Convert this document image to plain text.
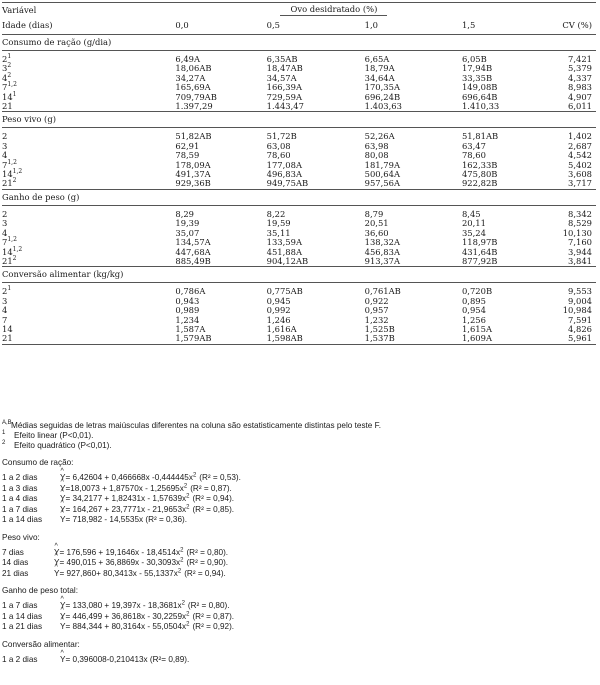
Variável	Ovo desidratado (%)				
Idade (dias)	0,0	0,5	1,0	1,5	CV (%)
Consumo de ração (g/dia)					

$2^1$	6,49A	6,35AB	6,65A	6,05B	7,421
$3^2$	18,06AB	18,47AB	18,79A	17,94B	5,379
$4^2$	34,27A	34,57A	34,64A	33,35B	4,337
7$^{1,2}$	165,69A	166,39A	170,35A	149,08B	8,983
$14^1$	709,79AB	729,59A	696,24B	696,64B	4,907
21	1.397,29	1.443,47	1.403,63	1.410,33	6,011
Peso vivo (g)					

2	51,82AB	51,72B	52,26A	51,81AB	1,402
3	62,91	63,08	63,98	63,47	2,687
4	78,59	78,60	80,08	78,60	4,542
7$^{1,2}$	178,09A	177,08A	181,79A	162,33B	5,402
14$^{1,2}$	491,37A	496,83A	500,64A	475,80B	3,608
$21^2$	929,36B	949,75AB	957,56A	922,82B	3,717
Ganho de peso (g)					

2	8,29	8,22	8,79	8,45	8,342
3	19,39	19,59	20,51	20,11	8,529
4	35,07	35,11	36,60	35,24	10,130
7$^{1,2}$	134,57A	133,59A	138,32A	118,97B	7,160
14$^{1,2}$	447,68A	451,88A	456,83A	431,64B	3,944
$21^2$	885,49B	904,12AB	913,37A	877,92B	3,841
Conversão alimentar (kg/kg)					

$2^1$	0,786A	0,775AB	0,761AB	0,720B	9,553
3	0,943	0,945	0,922	0,895	9,004
4	0,989	0,992	0,957	0,954	10,984
7	1,234	1,246	1,232	1,256	7,591
14	1,587A	1,616A	1,525B	1,615A	4,826
21	1,579AB	1,598AB	1,537B	1,609A	5,961
$^{A,B}$Médias seguidas de letras maiúsculas diferentes na coluna são estatisticamente distintas pelo teste F.
$^1$ Efeito linear (P<0,01).
$^2$ Efeito quadrático (P<0,01).
Consumo de ração:
1 a 2 dias	^ Y= 6,42604 + 0,466668x $-0,444445x^2$ (R² = 0,53).
1 a 3 dias	^ $Y=18,0073 + 1,87570x - 1,25695x^2$ (R² = 0,87).
1 a 4 dias	^ $Y= 34,2177 + 1,82431x - 1,57639x^2$ (R² = 0,94).
1 a 7 dias	^ $Y= 164,267 + 23,7771x - 21,9653x^2$ (R² = 0,85).
1 a 14 dias ^ Y= 718,982 - 14,5535x (R² = 0,36).
Peso vivo:
7 dias	^ $Y= 176,596 + 19,1646x - 18,4514x^2$ (R² = 0,80).
14 dias	^ $Y= 490,015 + 36,8869x - 30,3093x^2$ (R² = 0,90).
21 dias	^ $Y= 927,860+ 80,3413x - 55,1337x^2$ (R² = 0,94).
Ganho de peso total:
1 a 7 dias	^ $Y= 133,080 + 19,397x - 18,3681x^2$ (R² = 0,80).
1 a 14 dias ^ $Y= 446,499 + 36,8618x - 30,2259x^2$ (R² = 0,87).
1 a 21 dias ^ $Y= 884,344 + 80,3164x - 55,0504x^2$ (R² = 0,92).
Conversão alimentar:
1 a 2 dias	^ Y= 0,396008-0,210413x (R²= 0,89).
